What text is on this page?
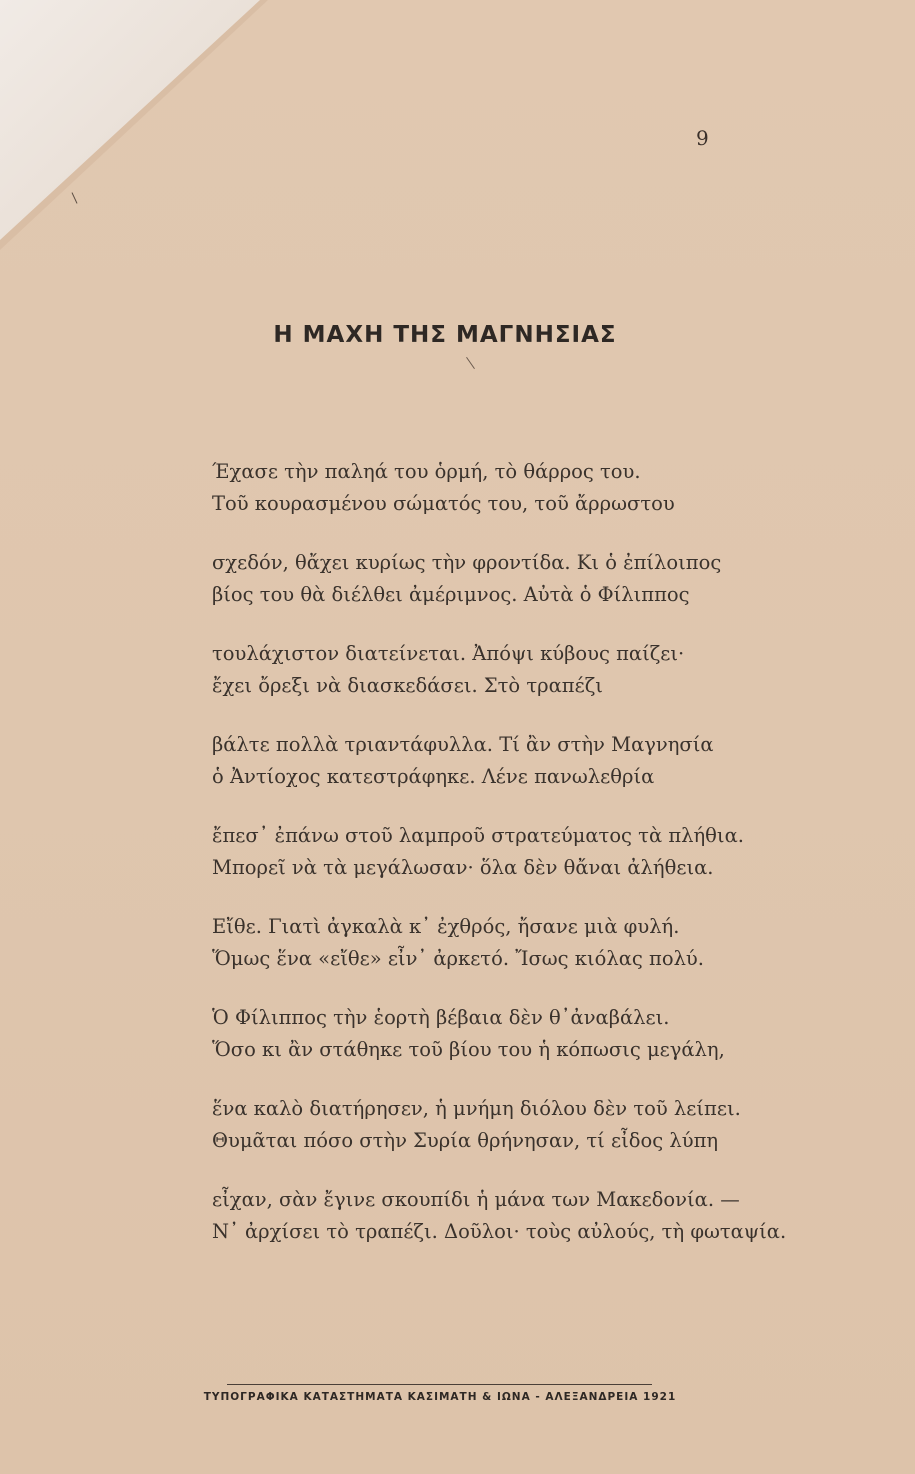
9
Η ΜΑΧΗ ΤΗΣ ΜΑΓΝΗΣΙΑΣ
Έχασε τὴν παληά του ὁρμή, τὸ θάρρος του.
Τοῦ κουρασμένου σώματός του, τοῦ ἄρρωστου
σχεδόν, θἄχει κυρίως τὴν φροντίδα. Κι ὁ ἐπίλοιπος
βίος του θὰ διέλθει ἀμέριμνος. Αὐτὰ ὁ Φίλιππος
τουλάχιστον διατείνεται. Ἀπόψι κύβους παίζει·
ἔχει ὄρεξι νὰ διασκεδάσει. Στὸ τραπέζι
βάλτε πολλὰ τριαντάφυλλα. Τί ἂν στὴν Μαγνησία
ὁ Ἀντίοχος κατεστράφηκε. Λένε πανωλεθρία
ἔπεσ᾽ ἐπάνω στοῦ λαμπροῦ στρατεύματος τὰ πλήθια.
Μπορεῖ νὰ τὰ μεγάλωσαν· ὅλα δὲν θἄναι ἀλήθεια.
Εἴθε. Γιατὶ ἀγκαλὰ κ᾽ ἐχθρός, ἤσανε μιὰ φυλή.
Ὅμως ἕνα «εἴθε» εἶν᾽ ἀρκετό. Ἴσως κιόλας πολύ.
Ὁ Φίλιππος τὴν ἑορτὴ βέβαια δὲν θ᾽ἀναβάλει.
Ὅσο κι ἂν στάθηκε τοῦ βίου του ἡ κόπωσις μεγάλη,
ἕνα καλὸ διατήρησεν, ἡ μνήμη διόλου δὲν τοῦ λείπει.
Θυμᾶται πόσο στὴν Συρία θρήνησαν, τί εἶδος λύπη
εἶχαν, σὰν ἔγινε σκουπίδι ἡ μάνα των Μακεδονία. —
Ν᾽ ἀρχίσει τὸ τραπέζι. Δοῦλοι· τοὺς αὐλούς, τὴ φωταψία.
ΤΥΠΟΓΡΑΦΙΚΑ ΚΑΤΑΣΤΗΜΑΤΑ ΚΑΣΙΜΑΤΗ & ΙΩΝΑ - ΑΛΕΞΑΝΔΡΕΙΑ 1921
